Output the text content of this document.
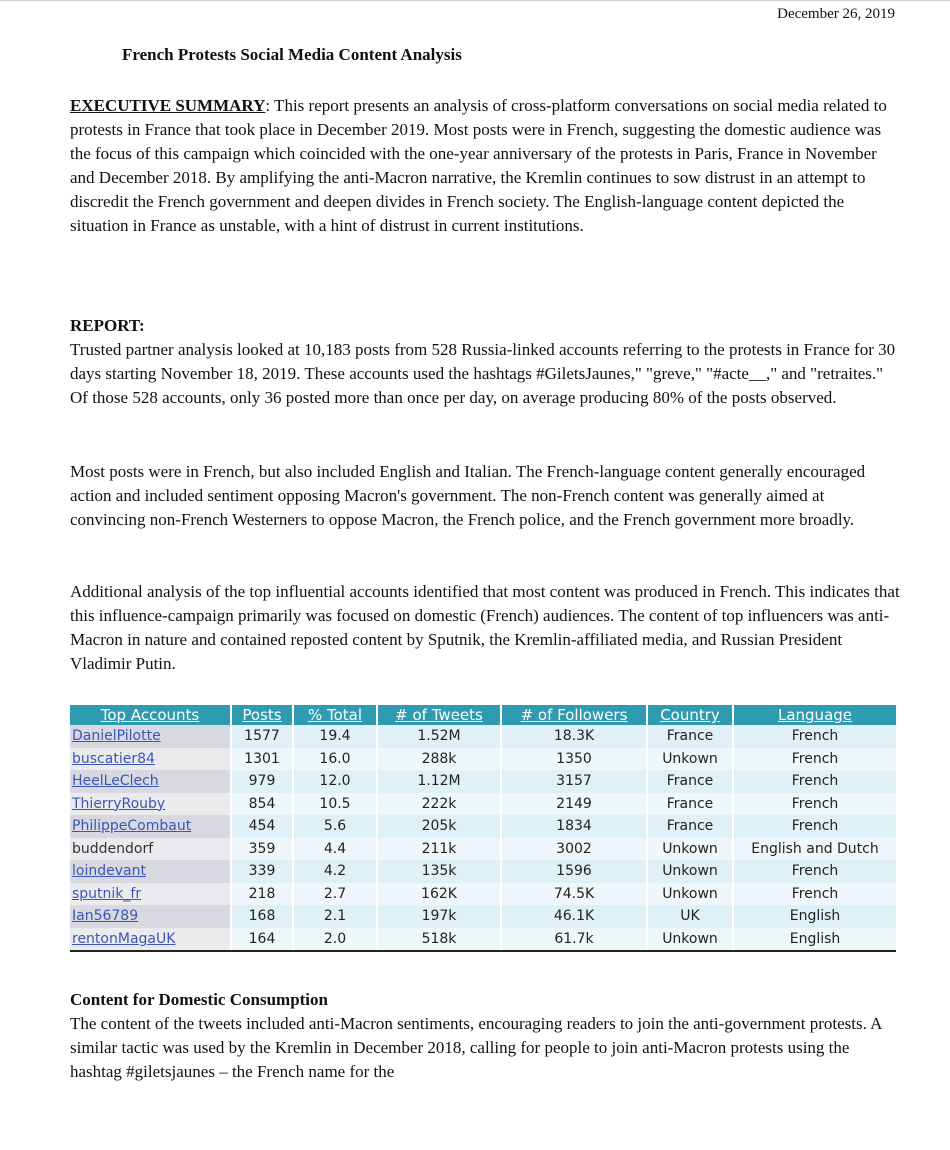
December 26, 2019
French Protests Social Media Content Analysis

EXECUTIVE SUMMARY: This report presents an analysis of cross-platform conversations on social media related to protests in France that took place in December 2019. Most posts were in French, suggesting the domestic audience was the focus of this campaign which coincided with the one-year anniversary of the protests in Paris, France in November and December 2018. By amplifying the anti-Macron narrative, the Kremlin continues to sow distrust in an attempt to discredit the French government and deepen divides in French society. The English-language content depicted the situation in France as unstable, with a hint of distrust in current institutions.

REPORT:

Trusted partner analysis looked at 10,183 posts from 528 Russia-linked accounts referring to the protests in France for 30 days starting November 18, 2019. These accounts used the hashtags #GiletsJaunes," "greve," "#acte__," and "retraites." Of those 528 accounts, only 36 posted more than once per day, on average producing 80% of the posts observed.

Most posts were in French, but also included English and Italian. The French-language content generally encouraged action and included sentiment opposing Macron's government. The non-French content was generally aimed at convincing non-French Westerners to oppose Macron, the French police, and the French government more broadly.

Additional analysis of the top influential accounts identified that most content was produced in French. This indicates that this influence-campaign primarily was focused on domestic (French) audiences. The content of top influencers was anti-Macron in nature and contained reposted content by Sputnik, the Kremlin-affiliated media, and Russian President Vladimir Putin.

Top Accounts	Posts	% Total	# of Tweets	# of Followers	Country	Language
DanielPilotte	1577	19.4	1.52M	18.3K	France	French
buscatier84	1301	16.0	288k	1350	Unkown	French
HeelLeClech	979	12.0	1.12M	3157	France	French
ThierryRouby	854	10.5	222k	2149	France	French
PhilippeCombaut	454	5.6	205k	1834	France	French
buddendorf	359	4.4	211k	3002	Unkown	English and Dutch
loindevant	339	4.2	135k	1596	Unkown	French
sputnik_fr	218	2.7	162K	74.5K	Unkown	French
Ian56789	168	2.1	197k	46.1K	UK	English
rentonMagaUK	164	2.0	518k	61.7k	Unkown	English

Content for Domestic Consumption

The content of the tweets included anti-Macron sentiments, encouraging readers to join the anti-government protests. A similar tactic was used by the Kremlin in December 2018, calling for people to join anti-Macron protests using the hashtag #giletsjaunes – the French name for the
